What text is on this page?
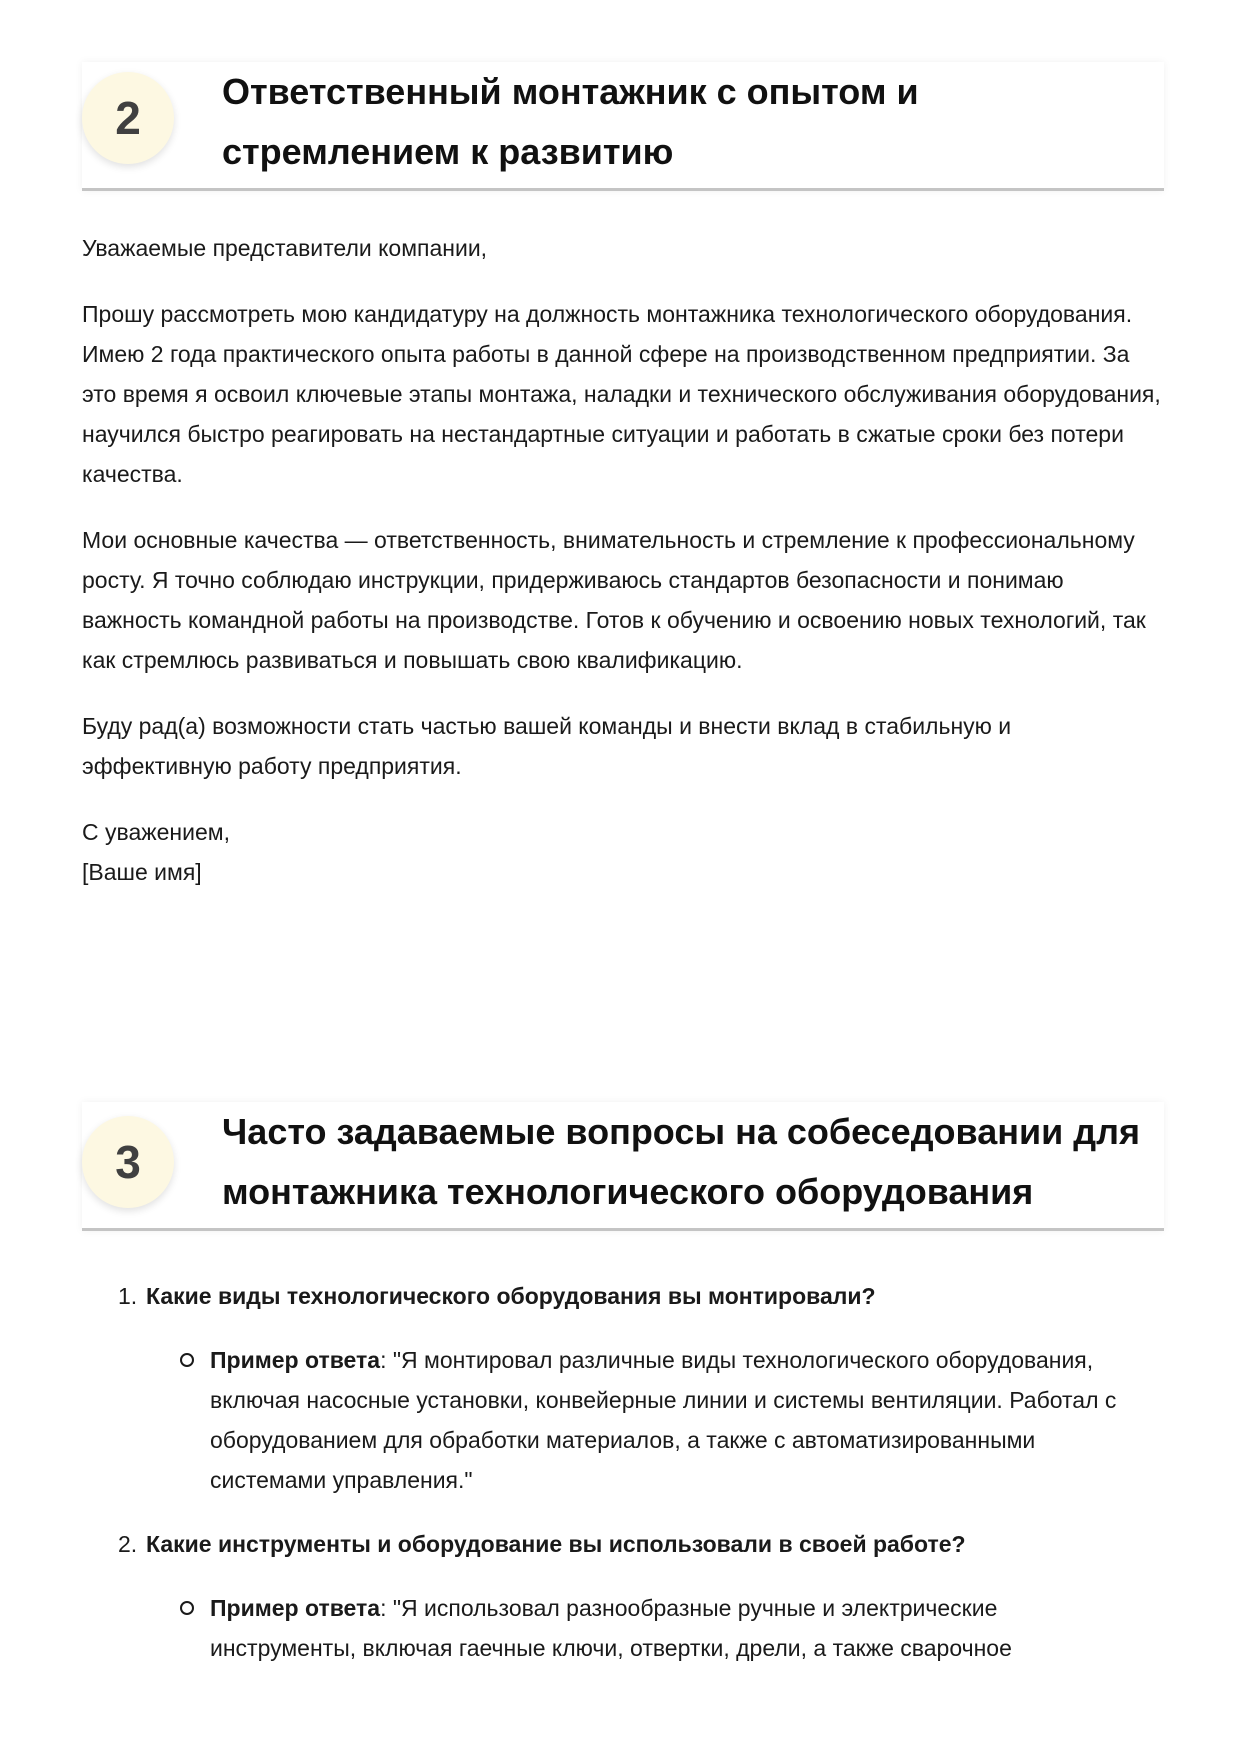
2
Ответственный монтажник с опытом и
стремлением к развитию

Уважаемые представители компании,

Прошу рассмотреть мою кандидатуру на должность монтажника технологического оборудования. Имею 2 года практического опыта работы в данной сфере на производственном предприятии. За это время я освоил ключевые этапы монтажа, наладки и технического обслуживания оборудования, научился быстро реагировать на нестандартные ситуации и работать в сжатые сроки без потери качества.

Мои основные качества — ответственность, внимательность и стремление к профессиональному росту. Я точно соблюдаю инструкции, придерживаюсь стандартов безопасности и понимаю важность командной работы на производстве. Готов к обучению и освоению новых технологий, так как стремлюсь развиваться и повышать свою квалификацию.

Буду рад(а) возможности стать частью вашей команды и внести вклад в стабильную и эффективную работу предприятия.

С уважением,

[Ваше имя]

3
Часто задаваемые вопросы на собеседовании для
монтажника технологического оборудования
1. Какие виды технологического оборудования вы монтировали?
Пример ответа: "Я монтировал различные виды технологического оборудования, включая насосные установки, конвейерные линии и системы вентиляции. Работал с оборудованием для обработки материалов, а также с автоматизированными системами управления."
2. Какие инструменты и оборудование вы использовали в своей работе?
Пример ответа: "Я использовал разнообразные ручные и электрические инструменты, включая гаечные ключи, отвертки, дрели, а также сварочное
